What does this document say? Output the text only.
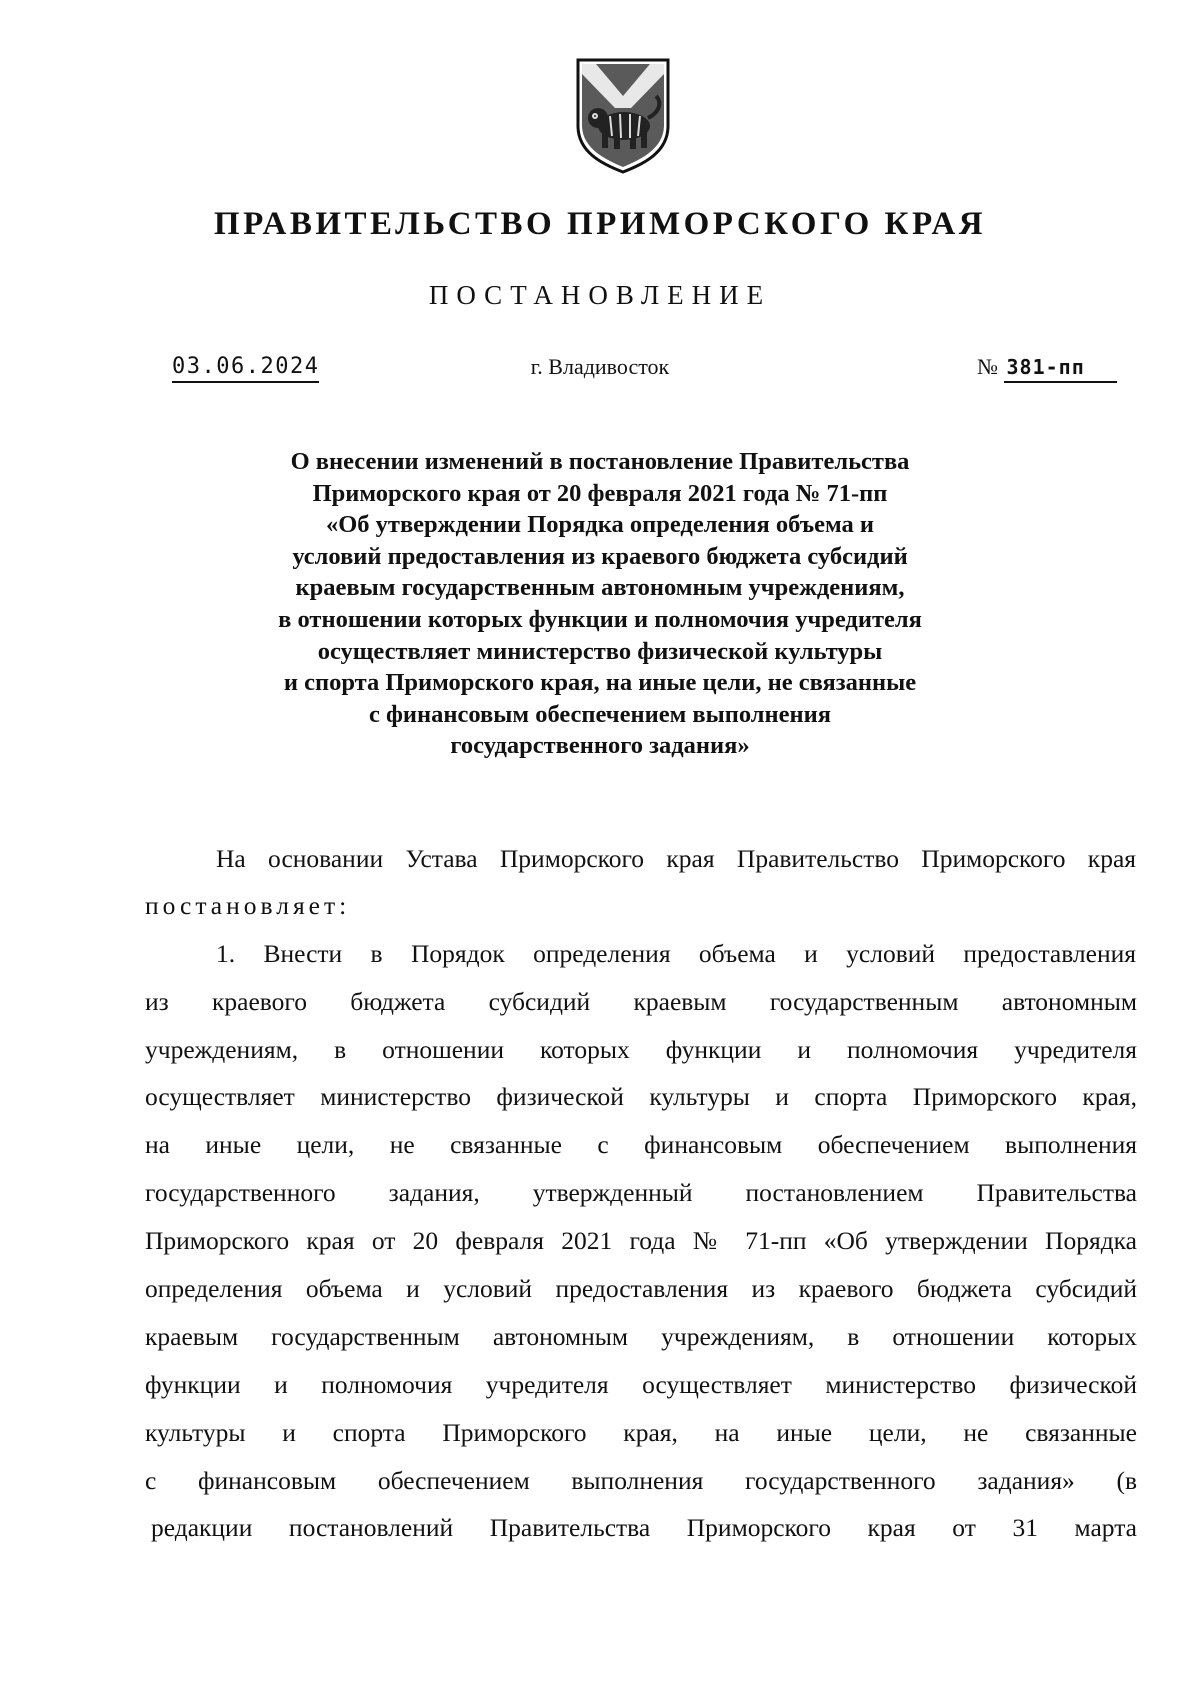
ПРАВИТЕЛЬСТВО ПРИМОРСКОГО КРАЯ
ПОСТАНОВЛЕНИЕ
03.06.2024	г. Владивосток	№ 381-пп
О внесении изменений в постановление Правительства
Приморского края от 20 февраля 2021 года № 71-пп
«Об утверждении Порядка определения объема и
условий предоставления из краевого бюджета субсидий
краевым государственным автономным учреждениям,
в отношении которых функции и полномочия учредителя
осуществляет министерство физической культуры
и спорта Приморского края, на иные цели, не связанные
с финансовым обеспечением выполнения
государственного задания»
На основании Устава Приморского края Правительство Приморского края
постановляет:
1. Внести в Порядок определения объема и условий предоставления
из краевого бюджета субсидий краевым государственным автономным
учреждениям, в отношении которых функции и полномочия учредителя
осуществляет министерство физической культуры и спорта Приморского края,
на иные цели, не связанные с финансовым обеспечением выполнения
государственного задания, утвержденный постановлением Правительства
Приморского края от 20 февраля 2021 года № 71-пп «Об утверждении Порядка
определения объема и условий предоставления из краевого бюджета субсидий
краевым государственным автономным учреждениям, в отношении которых
функции и полномочия учредителя осуществляет министерство физической
культуры и спорта Приморского края, на иные цели, не связанные
с финансовым обеспечением выполнения государственного задания» (в
редакции постановлений Правительства Приморского края от 31 марта
